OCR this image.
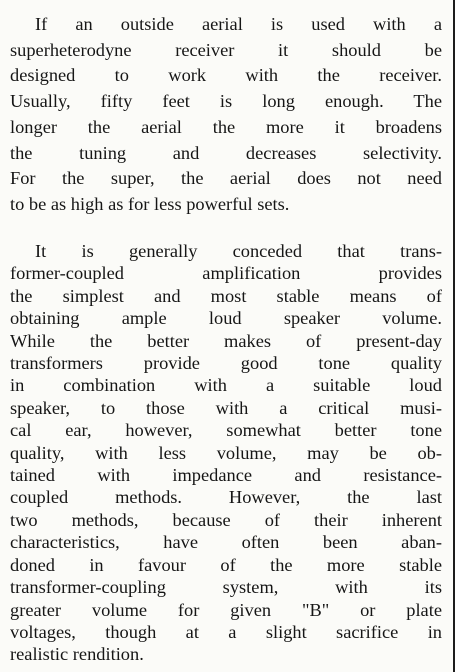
If an outside aerial is used with a
superheterodyne receiver it should be
designed to work with the receiver.
Usually, fifty feet is long enough. The
longer the aerial the more it broadens
the tuning and decreases selectivity.
For the super, the aerial does not need
to be as high as for less powerful sets.
It is generally conceded that trans-
former-coupled amplification provides
the simplest and most stable means of
obtaining ample loud speaker volume.
While the better makes of present-day
transformers provide good tone quality
in combination with a suitable loud
speaker, to those with a critical musi-
cal ear, however, somewhat better tone
quality, with less volume, may be ob-
tained with impedance and resistance-
coupled methods. However, the last
two methods, because of their inherent
characteristics, have often been aban-
doned in favour of the more stable
transformer-coupling system, with its
greater volume for given "B" or plate
voltages, though at a slight sacrifice in
realistic rendition.
